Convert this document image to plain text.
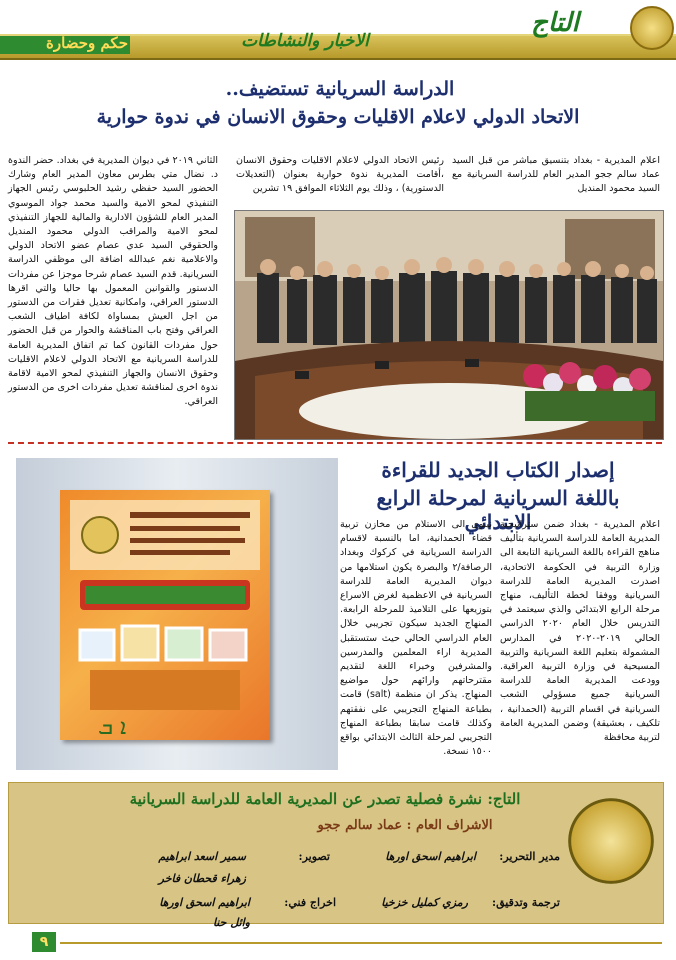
حكم وحضارة	الاخبار والنشاطات
التاج
الدراسة السريانية تستضيف..
الاتحاد الدولي لاعلام الاقليات وحقوق الانسان في ندوة حوارية
اعلام المديرية - بغداد بتنسيق مباشر من قبل السيد عماد سالم ججو المدير العام للدراسة السريانية مع السيد محمود المنديل
رئيس الاتحاد الدولي لاعلام الاقليات وحقوق الانسان ،أقامت المديرية ندوة حوارية بعنوان (التعديلات الدستورية) ، وذلك يوم الثلاثاء الموافق ١٩ تشرين
الثاني ٢٠١٩ في ديوان المديرية في بغداد. حضر الندوة د. نضال متي بطرس معاون المدير العام وشارك الحضور السيد حفظي رشيد الحلبوسي رئيس الجهاز التنفيذي لمحو الامية والسيد محمد جواد الموسوي المدير العام للشؤون الادارية والمالية للجهاز التنفيذي لمحو الامية والمراقب الدولي محمود المنديل والحقوقي السيد عدي عصام عضو الاتحاد الدولي والاعلامية نغم عبدالله اضافة الى موظفي الدراسة السريانية. قدم السيد عصام شرحا موجزا عن مفردات الدستور والقوانين المعمول بها حاليا والتي اقرها الدستور العراقي، وامكانية تعديل فقرات من الدستور من اجل العيش بمساواة لكافة اطياف الشعب العراقي وفتح باب المناقشة والحوار من قبل الحضور حول مفردات القانون كما تم اتفاق المديرية العامة للدراسة السريانية مع الاتحاد الدولي لاعلام الاقليات وحقوق الانسان والجهاز التنفيذي لمحو الامية لاقامة ندوة اخرى لمناقشة تعديل مفردات اخرى من الدستور العراقي.
ܐ ܒ
إصدار الكتاب الجديد للقراءة
باللغة السريانية لمرحلة الرابع الابتدائي
اعلام المديرية - بغداد ضمن ستراتيجية المديرية العامة للدراسة السريانية بتأليف مناهج القراءة باللغة السريانية التابعة الى وزارة التربية في الحكومة الاتحادية، اصدرت المديرية العامة للدراسة السريانية ووفقا لخطة التأليف، منهاج مرحلة الرابع الابتدائي والذي سيعتمد في التدريس خلال العام ٢٠٢٠ الدراسي الحالي ٢٠١٩-٢٠٢٠ في المدارس المشمولة بتعليم اللغة السريانية والتربية المسيحية في وزارة التربية العراقية. وودعت المديرية العامة للدراسة السريانية جميع مسؤولي الشعب السريانية في اقسام التربية (الحمدانية ، تلكيف ، بعشيقة) وضمن المديرية العامة لتربية محافظة
نينوى الى الاستلام من مخازن تربية قضاء الحمدانية، اما بالنسبة لاقسام الدراسة السريانية في كركوك وبغداد الرصافة/٢ والبصرة يكون استلامها من ديوان المديرية العامة للدراسة السريانية في الاعظمية لغرض الاسراع بتوزيعها على التلاميذ للمرحلة الرابعة. المنهاج الجديد سيكون تجريبي خلال العام الدراسي الحالي حيث ستستقبل المديرية اراء المعلمين والمدرسين والمشرفين وخبراء اللغة لتقديم مقترحاتهم وارائهم حول مواضيع المنهاج. يذكر ان منظمة (salt) قامت بطباعة المنهاج التجريبي على نفقتهم وكذلك قامت سابقا بطباعة المنهاج التجريبي لمرحلة الثالث الابتدائي بواقع ١٥٠٠ نسخة.
التاج: نشرة فصلية تصدر عن المديرية العامة للدراسة السريانية
الاشراف العام : عماد سالم ججو
مدير التحرير:
ابراهيم اسحق اورها
تصوير:
سمير اسعد ابراهيم
زهراء قحطان فاخر
ترجمة وتدقيق:
رمزي كمليل خزخيا
اخراج فني:
ابراهيم اسحق اورها
وائل حنا
٩
